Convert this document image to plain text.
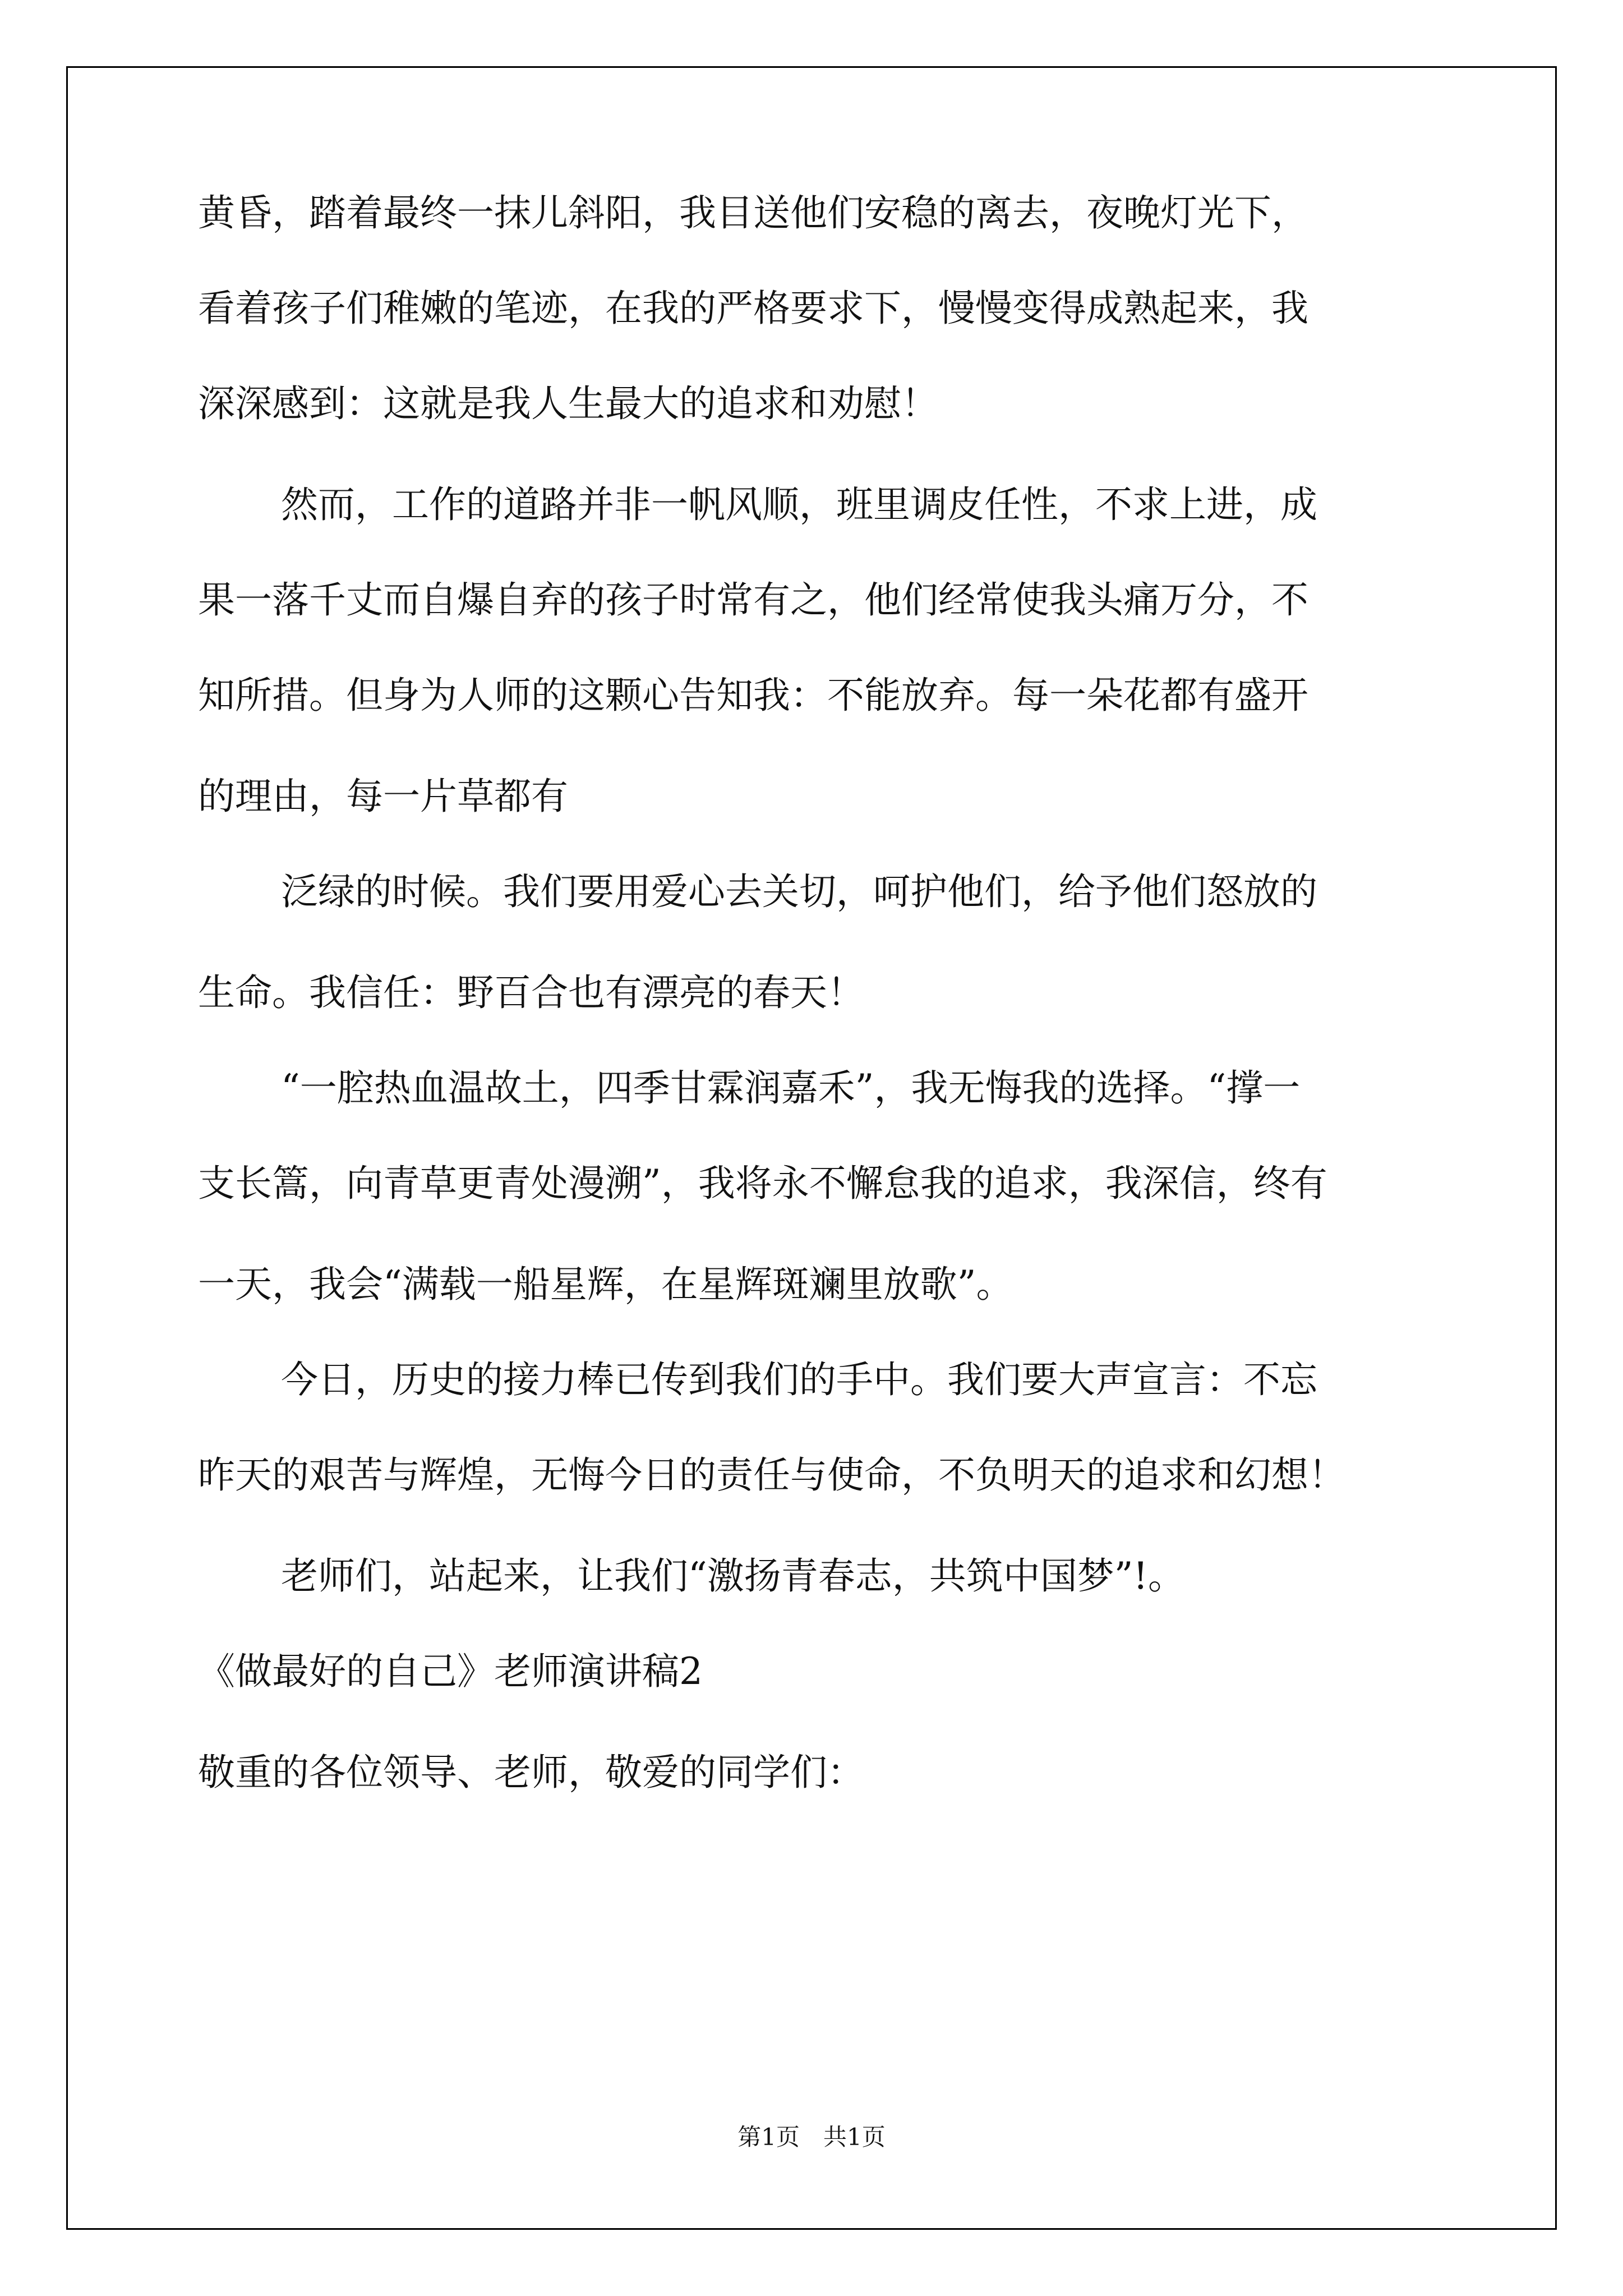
黄昏，踏着最终一抹儿斜阳，我目送他们安稳的离去，夜晚灯光下，
看着孩子们稚嫩的笔迹，在我的严格要求下，慢慢变得成熟起来，我
深深感到：这就是我人生最大的追求和劝慰！
然而，工作的道路并非一帆风顺，班里调皮任性，不求上进，成
果一落千丈而自爆自弃的孩子时常有之，他们经常使我头痛万分，不
知所措。但身为人师的这颗心告知我：不能放弃。每一朵花都有盛开
的理由，每一片草都有
泛绿的时候。我们要用爱心去关切，呵护他们，给予他们怒放的
生命。我信任：野百合也有漂亮的春天！
“一腔热血温故土，四季甘霖润嘉禾”，我无悔我的选择。“撑一
支长篙，向青草更青处漫溯”，我将永不懈怠我的追求，我深信，终有
一天，我会“满载一船星辉，在星辉斑斓里放歌”。
今日，历史的接力棒已传到我们的手中。我们要大声宣言：不忘
昨天的艰苦与辉煌，无悔今日的责任与使命，不负明天的追求和幻想！
老师们，站起来，让我们“激扬青春志，共筑中国梦”!。
《做最好的自己》老师演讲稿2
敬重的各位领导、老师，敬爱的同学们：
第1页　共1页
